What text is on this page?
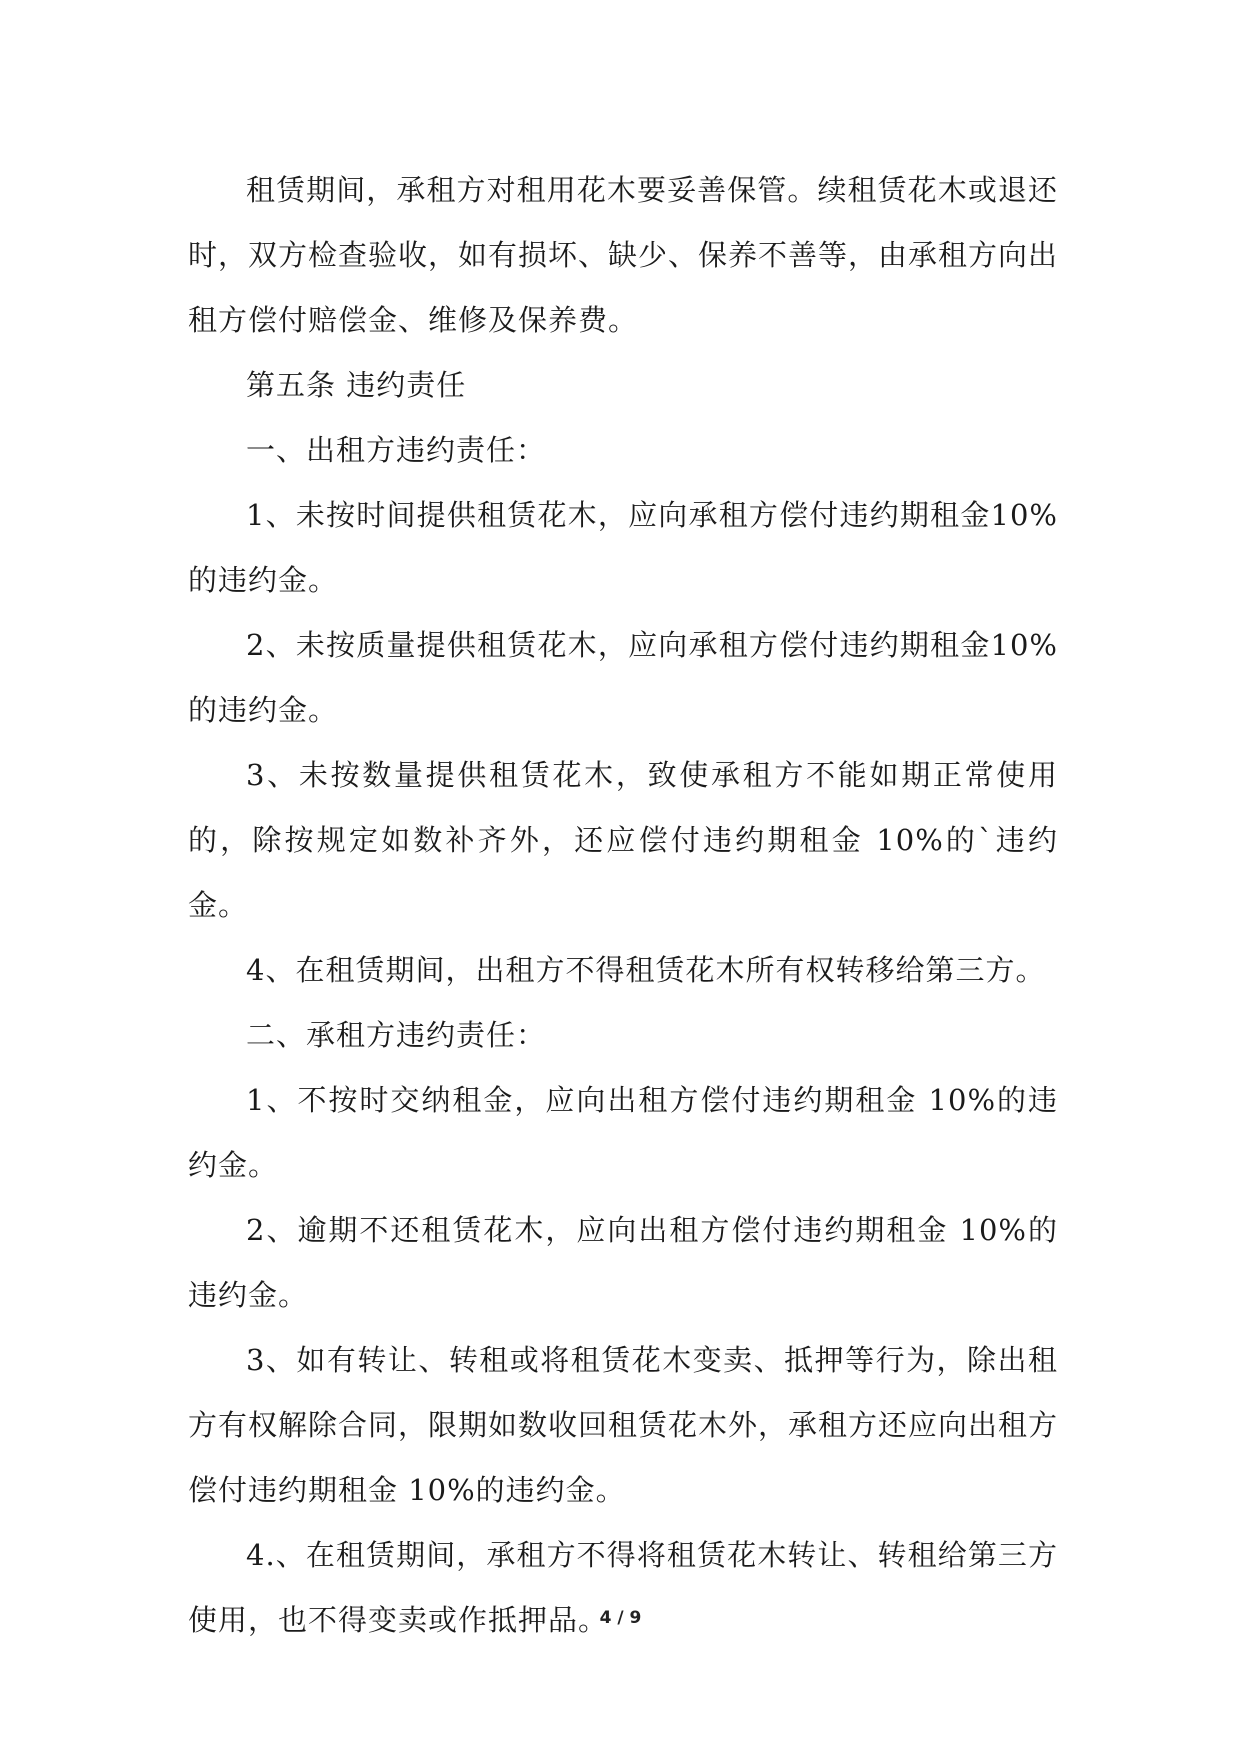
租赁期间，承租方对租用花木要妥善保管。续租赁花木或退还时，双方检查验收，如有损坏、缺少、保养不善等，由承租方向出租方偿付赔偿金、维修及保养费。

第五条 违约责任

一、出租方违约责任：

1、未按时间提供租赁花木，应向承租方偿付违约期租金10%的违约金。

2、未按质量提供租赁花木，应向承租方偿付违约期租金10%的违约金。

3、未按数量提供租赁花木，致使承租方不能如期正常使用的，除按规定如数补齐外，还应偿付违约期租金 10%的`违约金。

4、在租赁期间，出租方不得租赁花木所有权转移给第三方。

二、承租方违约责任：

1、不按时交纳租金，应向出租方偿付违约期租金 10%的违约金。

2、逾期不还租赁花木，应向出租方偿付违约期租金 10%的违约金。

3、如有转让、转租或将租赁花木变卖、抵押等行为，除出租方有权解除合同，限期如数收回租赁花木外，承租方还应向出租方偿付违约期租金 10%的违约金。

4.、在租赁期间，承租方不得将租赁花木转让、转租给第三方使用，也不得变卖或作抵押品。

4 / 9
